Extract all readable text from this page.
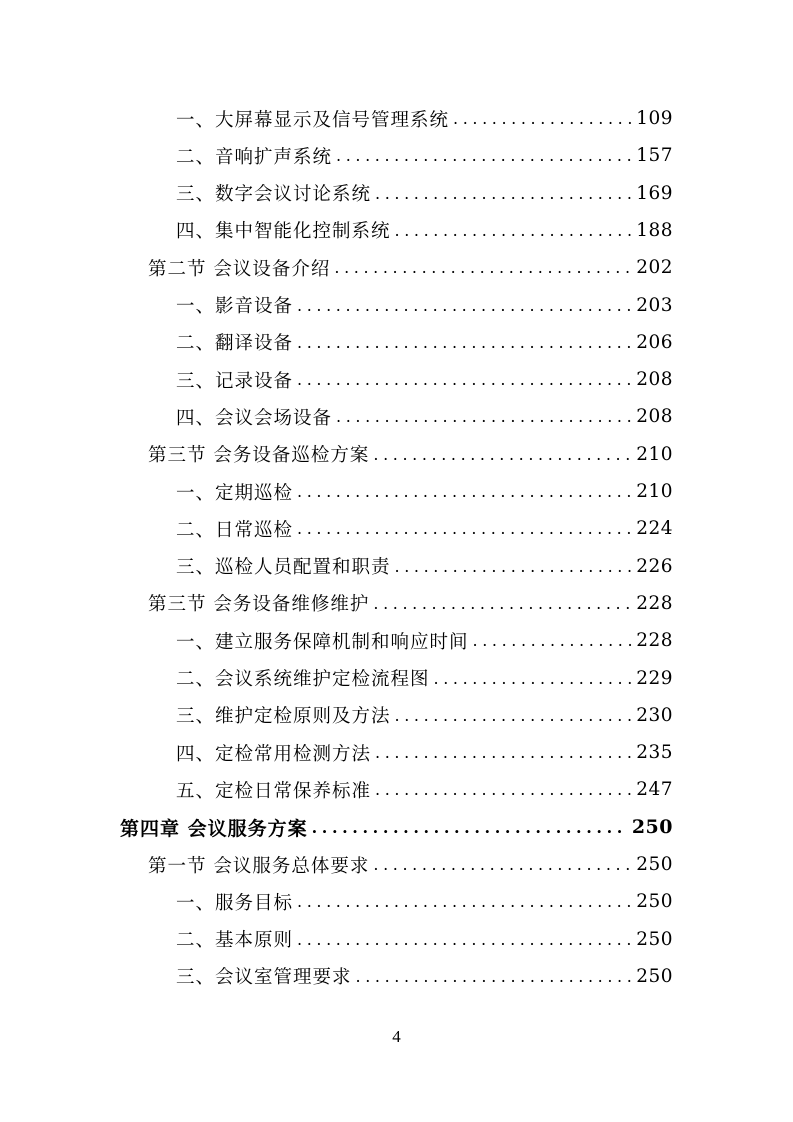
一、大屏幕显示及信号管理系统 .....	109
二、音响扩声系统 .....	157
三、数字会议讨论系统 .....	169
四、集中智能化控制系统 .....	188
第二节 会议设备介绍 .....	202
一、影音设备 .....	203
二、翻译设备 .....	206
三、记录设备 .....	208
四、会议会场设备 .....	208
第三节 会务设备巡检方案 .....	210
一、定期巡检 .....	210
二、日常巡检 .....	224
三、巡检人员配置和职责 .....	226
第三节 会务设备维修维护 .....	228
一、建立服务保障机制和响应时间 .....	228
二、会议系统维护定检流程图 .....	229
三、维护定检原则及方法 .....	230
四、定检常用检测方法 .....	235
五、定检日常保养标准 .....	247
第四章 会议服务方案 .....	250
第一节 会议服务总体要求 .....	250
一、服务目标 .....	250
二、基本原则 .....	250
三、会议室管理要求 .....	250
4
